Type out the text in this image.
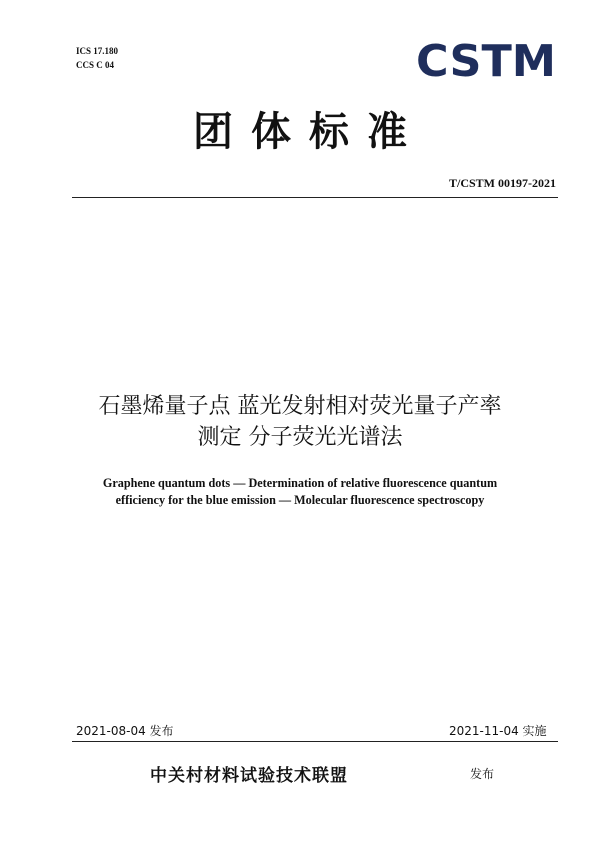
ICS 17.180
CCS C 04	CSTM
团体标准
T/CSTM 00197-2021
石墨烯量子点 蓝光发射相对荧光量子产率
测定 分子荧光光谱法
Graphene quantum dots — Determination of relative fluorescence quantum
efficiency for the blue emission — Molecular fluorescence spectroscopy
2021-08-04 发布	2021-11-04 实施
中关村材料试验技术联盟	发布
